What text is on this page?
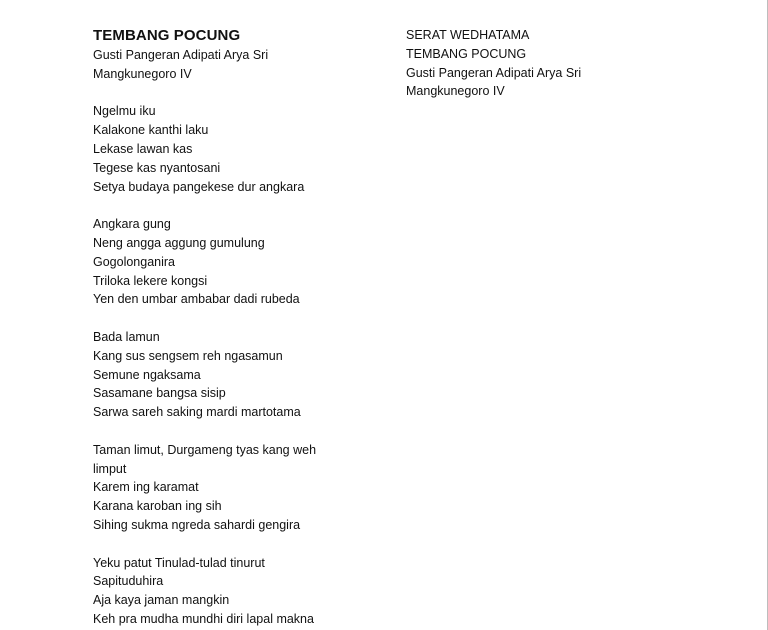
TEMBANG POCUNG
Gusti Pangeran Adipati Arya Sri
Mangkunegoro IV
Ngelmu iku
Kalakone kanthi laku
Lekase lawan kas
Tegese kas nyantosani
Setya budaya pangekese dur angkara
Angkara gung
Neng angga aggung gumulung
Gogolonganira
Triloka lekere kongsi
Yen den umbar ambabar dadi rubeda
Bada lamun
Kang sus sengsem reh ngasamun
Semune ngaksama
Sasamane bangsa sisip
Sarwa sareh saking mardi martotama
Taman limut, Durgameng tyas kang weh
limput
Karem ing karamat
Karana karoban ing sih
Sihing sukma ngreda sahardi gengira
Yeku patut Tinulad-tulad tinurut
Sapituduhira
Aja kaya jaman mangkin
Keh pra mudha mundhi diri lapal makna
SERAT WEDHATAMA
TEMBANG POCUNG
Gusti Pangeran Adipati Arya Sri
Mangkunegoro IV
